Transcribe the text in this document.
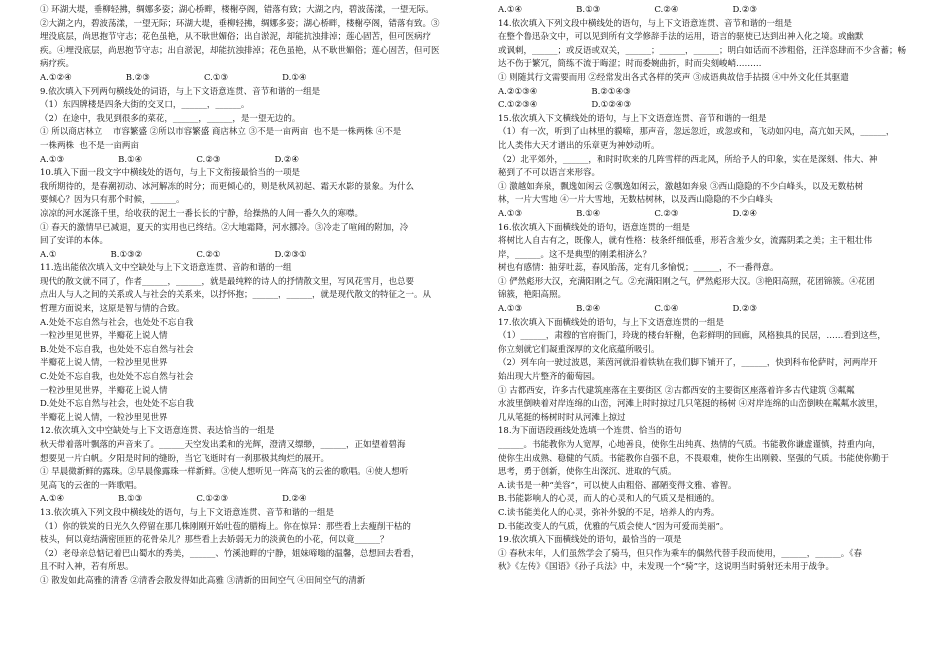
① 环湖大堤，垂柳轻拂，绸娜多姿；湖心桥畔，楼榭亭阁，错落有致；大湖之内，碧波荡漾，一望无际。
②大湖之内，碧波荡漾，一望无际；环湖大堤，垂柳轻拂，绸娜多姿；湖心桥畔，楼榭亭阁，错落有致。③
埋没底层，尚思抱节守志；花色虽艳，从不耿世媚俗；出自淤泥，却能抗浊排淖；莲心固苦，但可医病疗
疾。④埋没底层，尚思抱节守志；出自淤泥，却能抗浊排淖；花色虽艳，从不耿世媚俗；莲心固苦，但可医
病疗疾。
A.①②④                    B.②③                    C.①③                    D.①④
9.依次填入下列两句横线处的词语，与上下文语意连贯、音节和谐的一组是
（1）东四牌楼是四条大街的交叉口，______，______。
（2）在途中，我见到很多的菜花，______，______，是一望无边的。
① 所以商店林立    市容繁盛 ②所以市容繁盛 商店林立 ③不是一亩两亩  也不是一株两株 ④不是
一株两株  也不是一亩两亩
A.①③                    B.①④                    C.②③                    D.②④
10.填入下面一段文字中横线处的语句，与上下文衔接最恰当的一项是
我所期待的，是春潮初动、冰河解冻的时分；而更倾心的，则是秋风初起、霜天水影的景象。为什么
要倾心？因为只有那个时候，______。
凉凉的河水涎涤千里，给收获的泥土一番长长的宁静，给操热的人间一番久久的寒噤。
① 春天的激情早已减退，夏天的实用也已终结。②大地霜降，河水挪冷。③冷走了喧闹的附加，冷
回了安详的本体。
A.①                    B.①③②                    C.②①                    D.②③①
11.选出能依次填入文中空缺处与上下文语意连贯、音韵和谐的一组
现代的散文就不同了，作者______，______，就是最纯粹的诗人的抒情散文里，写风花雪月，也总要
点出人与人之间的关系或人与社会的关系来，以抒怀抱；______，______，就是现代散文的特征之一。从
哲理方面说来，这原是智与情的合致。
A.处处不忘自然与社会，也处处不忘自我
一粒沙里见世界，半瓣花上说人情
B.处处不忘自我，也处处不忘自然与社会
半瓣花上说人情，一粒沙里见世界
C.处处不忘自我，也处处不忘自然与社会
一粒沙里见世界，半瓣花上说人情
D.处处不忘自然与社会，也处处不忘自我
半瓣花上说人情，一粒沙里见世界
12.依次填入文中空缺处与上下文语意连贯、表达恰当的一组是
秋天带着落叶飘落的声音来了。______天空发出柔和的光辉，澄清又缥缈，______，正如望着碧海
想要见一片白帆。夕阳是时间的缝盼，当它飞逝时有一刹那极其绚烂的展开。
① 早晨微新鲜的露珠。②早晨像露珠一样新鲜。③使人想听见一阵高飞的云雀的歌唱。④使人想听
见高飞的云雀的一阵歌唱。
A.①④                    B.①③                    C.①②③                    D.②④
13.依次填入下列文段中横线处的语句，与上下文语意连贯、音节和谐的一组是
（1）你的铁炭的日光久久停留在那几株刚刚开始吐苞的腊梅上。你在惊异：那些看上去瘦削干枯的
枝头，何以竟结满密匝匝的花骨朵儿？那些看上去娇弱无力的淡黄色的小花，何以竟______？
（2）老母亲总惦记着巴山蜀水的秀美，______、竹溪池畔的宁静，姐妹啼嗡的温馨，总想回去看看，
且不时入神，若有所思。
① 散发如此高雅的清香 ②清香会散发得如此高雅 ③清新的田间空气 ④田间空气的清新
A.①④                    B.①③                    C.②④                    D.②③
14.依次填入下列文段中横线处的语句，与上下文语意连贯、音节和谐的一组是
在整个鲁迅杂文中，可以见到所有文学修辞手法的运用，语言的驱使已达到出神入化之境。或幽默
或讽刺，______；或反语或双关，______；______，______；明白如话而不涉粗俗，汪洋恣肆而不少含蓄；畅
达不伤于繁冗，简练不流于晦涩；时而委婉曲折，时而尖刻峻峭………
① 则随其行文需要而用 ②经常发出各式各样的笑声 ③成语典故信手拈掇 ④中外文化任其驱遣
A.②①③④                    B.②①④③
C.①②③④                    D.①②④③
15.依次填入下文横线处的语句，与上下文语意连贯、音节和谐的一组是
（1）有一次，听到了山林里的貘啼，那声音，忽远忽近，或忽或和，飞动如闪电，高亢如天风，______，
比人类伟大天才谱出的乐章更为神妙动听。
（2）北平郊外，______，和时时吹来的几阵雪样的西北风，所给予人的印象，实在是深刻、伟大、神
秘到了不可以语言来形容。
① 激越如奔泉，飘逸如闲云 ②飘逸如闲云，激越如奔泉 ③西山隐隐的不少白峰头，以及无数枯树
林，一片大雪地 ④一片大雪地，无数枯树林，以及西山隐隐的不少白峰头
A.①③                    B.①④                    C.②③                    D.②④
16.依次填入下面横线处的语句，语意连贯的一组是
将树比人自古有之，既像人，就有性格：枝条纤细低垂，形若含羞少女，流露阴柔之美；主干粗壮伟
岸，______。这不是典型的刚柔相济么？
树也有感情：抽芽吐蕊，春风胎荡，定有几多愉悦；______，不一番得意。
① 俨然彪形大汉，充满阳刚之气。②充满阳刚之气，俨然彪形大汉。③艳阳高照，花团锦簇。④花团
锦簇，艳阳高照。
A.①③                    B.②④                    C.①④                    D.②③
17.依次填入下面横线处的语句，与上下文语意连贯的一组是
（1）______，肃穆的官府衙门，玲珑的楼台轩榭，色彩鲜明的回廊，风格独具的民居，……看到这些，
你立刻就它们凝重深厚的文化底蕴所吸引。
（2）列车向一驶过波恩，莱茵河就沿着铁轨在我们脚下铺开了，______，快到科布伦萨时，河两岸开
始出现大片整齐的葡萄园。
① 古都西安，许多古代建筑座落在主要街区 ②古都西安的主要街区座落着许多古代建筑 ③粼粼
水波里倒映着对岸连绵的山峦，河滩上时时掠过几只笔挺的杨树 ④对岸连绵的山峦倒映在粼粼水波里，
几从笔挺的杨树时时从河滩上掠过
18.为下面语段画线处选填一个连贯、恰当的语句
______。书能教你为人宽厚，心地善良，使你生出纯真、热情的气质。书能教你谦虚谨慎，持重内向，
使你生出成熟、稳健的气质。书能教你自强不息，不畏艰难，使你生出刚毅、坚强的气质。书能使你勤于
思考，勇于创新，使你生出深沉、进取的气质。
A.读书是一种“美容”，可以使人由粗俗、鄙陋变得文雅、睿智。
B.书能影响人的心灵，而人的心灵和人的气质又是相通的。
C.读书能美化人的心灵，弥补外貌的不足，培养人的内秀。
D.书能改变人的气质，优雅的气质会使人“因为可爱而美丽”。
19.依次填入下面横线处的语句，最恰当的一项是
① 春秋末年，人们虽然学会了骑马，但只作为乘车的偶然代替手段而使用，______，______。《春
秋》《左传》《国语》《孙子兵法》中，未发现一个“骑”字，这说明当时骑射还未用于战争。
